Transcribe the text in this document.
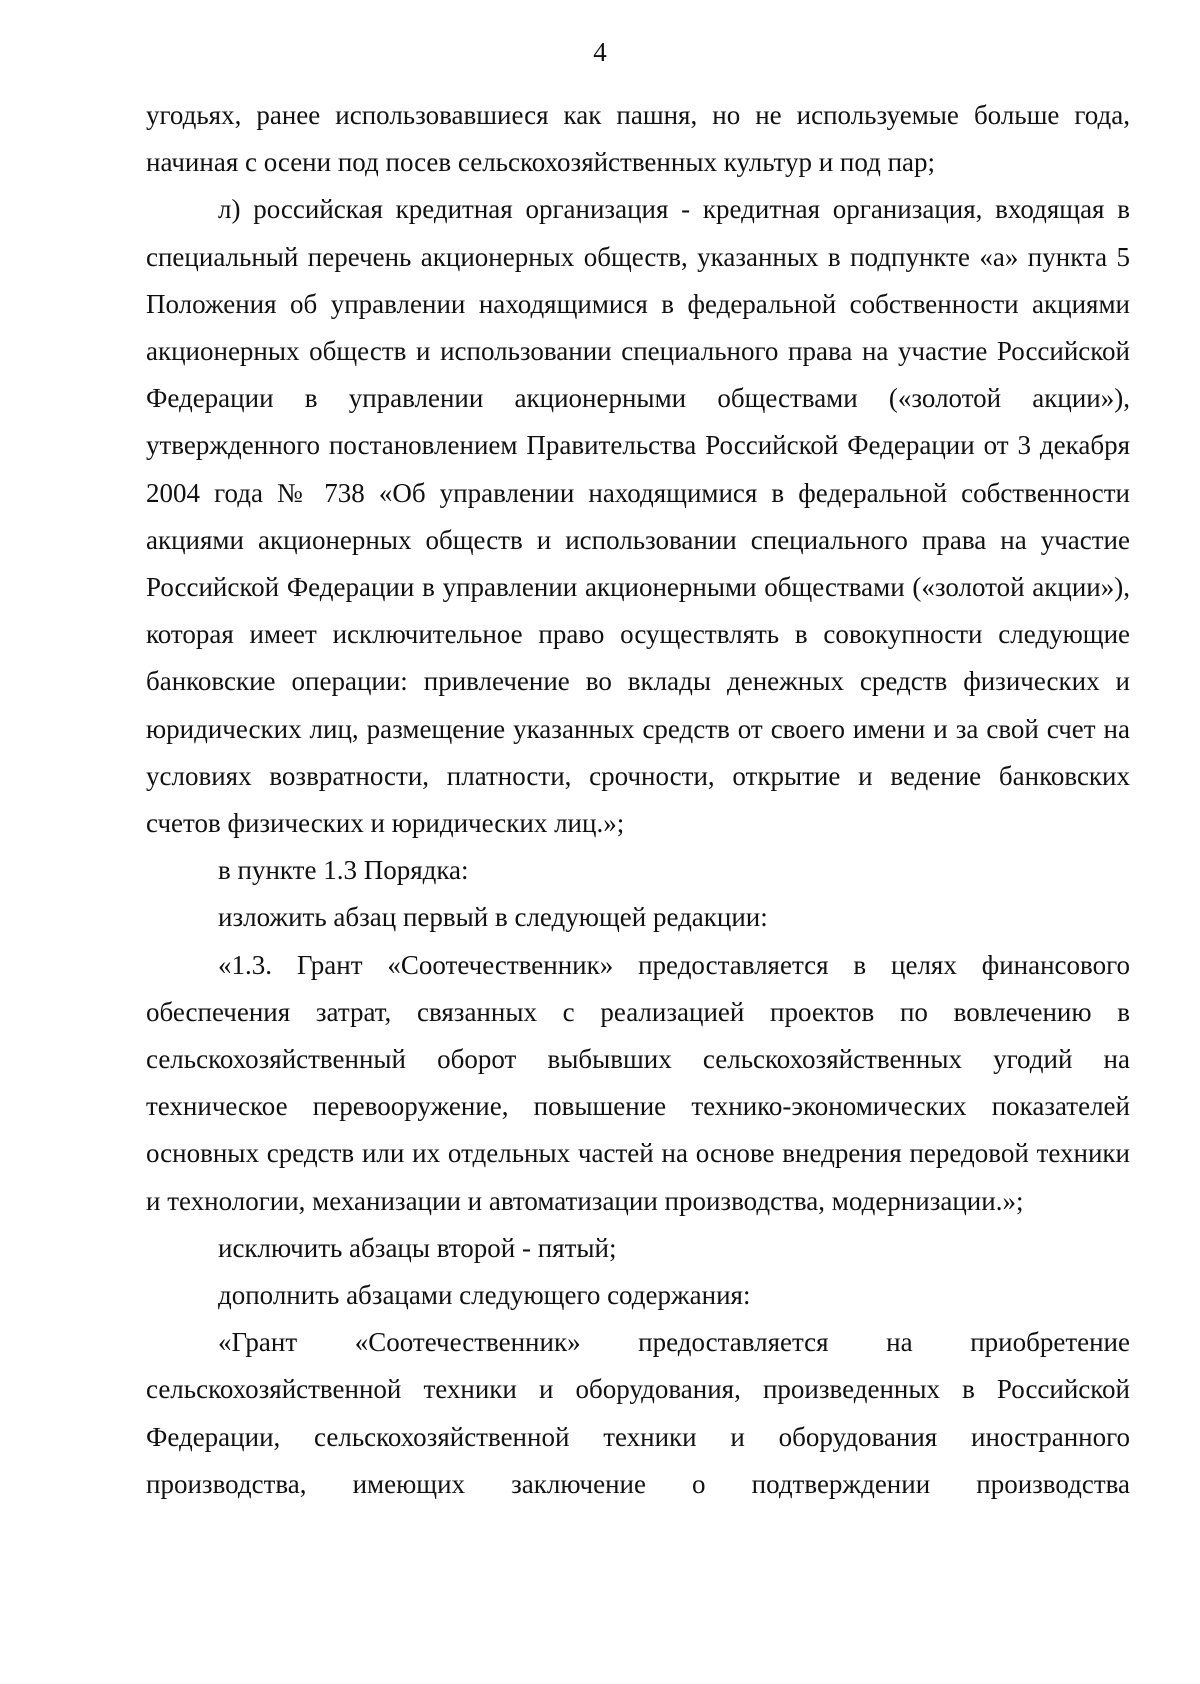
4

угодьях, ранее использовавшиеся как пашня, но не используемые больше года, начиная с осени под посев сельскохозяйственных культур и под пар;

л) российская кредитная организация - кредитная организация, входящая в специальный перечень акционерных обществ, указанных в подпункте «а» пункта 5 Положения об управлении находящимися в федеральной собственности акциями акционерных обществ и использовании специального права на участие Российской Федерации в управлении акционерными обществами («золотой акции»), утвержденного постановлением Правительства Российской Федерации от 3 декабря 2004 года № 738 «Об управлении находящимися в федеральной собственности акциями акционерных обществ и использовании специального права на участие Российской Федерации в управлении акционерными обществами («золотой акции»), которая имеет исключительное право осуществлять в совокупности следующие банковские операции: привлечение во вклады денежных средств физических и юридических лиц, размещение указанных средств от своего имени и за свой счет на условиях возвратности, платности, срочности, открытие и ведение банковских счетов физических и юридических лиц.»;

в пункте 1.3 Порядка:

изложить абзац первый в следующей редакции:

«1.3. Грант «Соотечественник» предоставляется в целях финансового обеспечения затрат, связанных с реализацией проектов по вовлечению в сельскохозяйственный оборот выбывших сельскохозяйственных угодий на техническое перевооружение, повышение технико-экономических показателей основных средств или их отдельных частей на основе внедрения передовой техники и технологии, механизации и автоматизации производства, модернизации.»;

исключить абзацы второй - пятый;

дополнить абзацами следующего содержания:

«Грант «Соотечественник» предоставляется на приобретение сельскохозяйственной техники и оборудования, произведенных в Российской Федерации, сельскохозяйственной техники и оборудования иностранного производства, имеющих заключение о подтверждении производства
